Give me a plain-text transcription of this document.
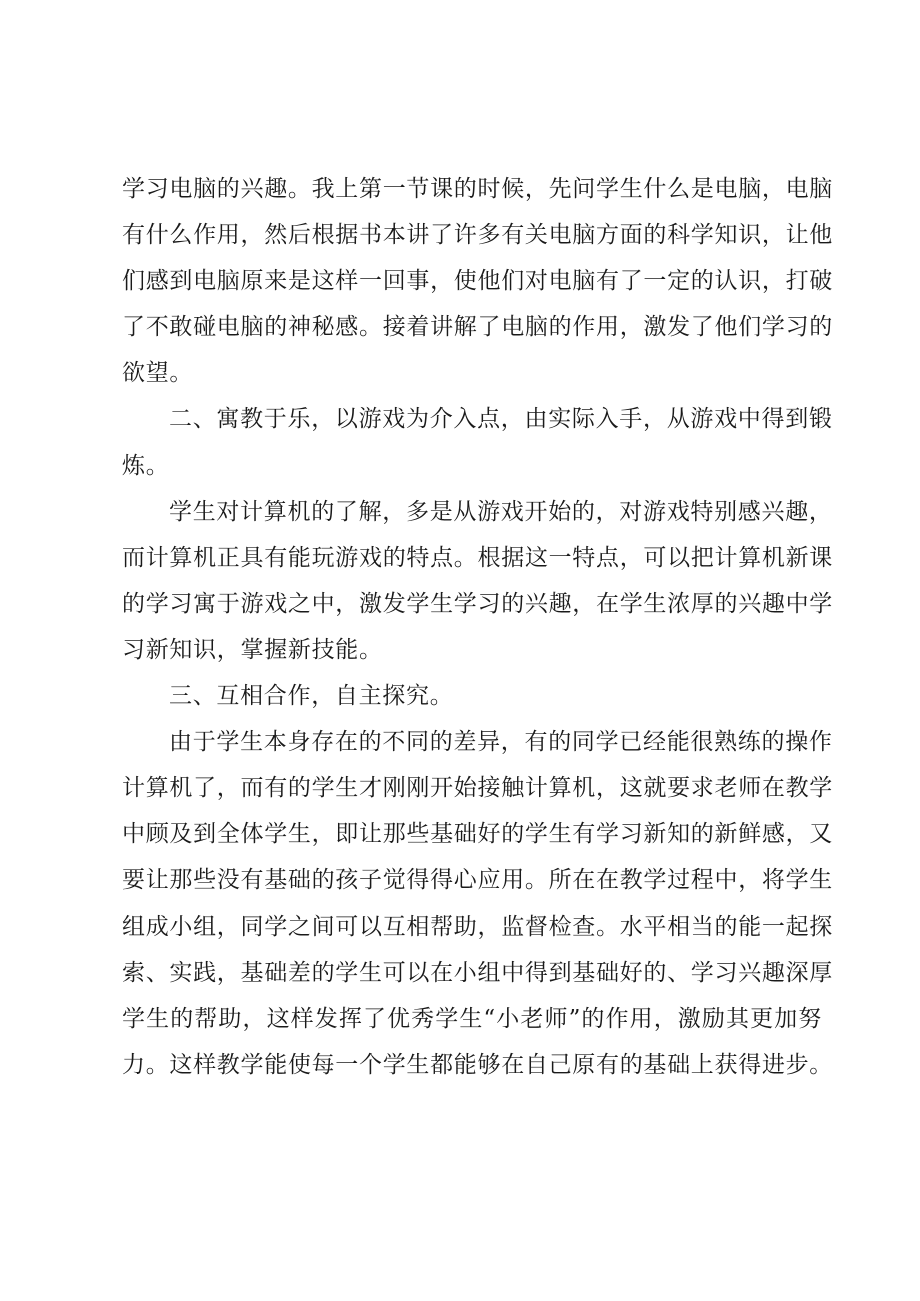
学习电脑的兴趣。我上第一节课的时候，先问学生什么是电脑，电脑

有什么作用，然后根据书本讲了许多有关电脑方面的科学知识，让他

们感到电脑原来是这样一回事，使他们对电脑有了一定的认识，打破

了不敢碰电脑的神秘感。接着讲解了电脑的作用，激发了他们学习的

欲望。

二、寓教于乐，以游戏为介入点，由实际入手，从游戏中得到锻

炼。

学生对计算机的了解，多是从游戏开始的，对游戏特别感兴趣，

而计算机正具有能玩游戏的特点。根据这一特点，可以把计算机新课

的学习寓于游戏之中，激发学生学习的兴趣，在学生浓厚的兴趣中学

习新知识，掌握新技能。

三、互相合作，自主探究。

由于学生本身存在的不同的差异，有的同学已经能很熟练的操作

计算机了，而有的学生才刚刚开始接触计算机，这就要求老师在教学

中顾及到全体学生，即让那些基础好的学生有学习新知的新鲜感，又

要让那些没有基础的孩子觉得得心应用。所在在教学过程中，将学生

组成小组，同学之间可以互相帮助，监督检查。水平相当的能一起探

索、实践，基础差的学生可以在小组中得到基础好的、学习兴趣深厚

学生的帮助，这样发挥了优秀学生“小老师”的作用，激励其更加努

力。这样教学能使每一个学生都能够在自己原有的基础上获得进步。
